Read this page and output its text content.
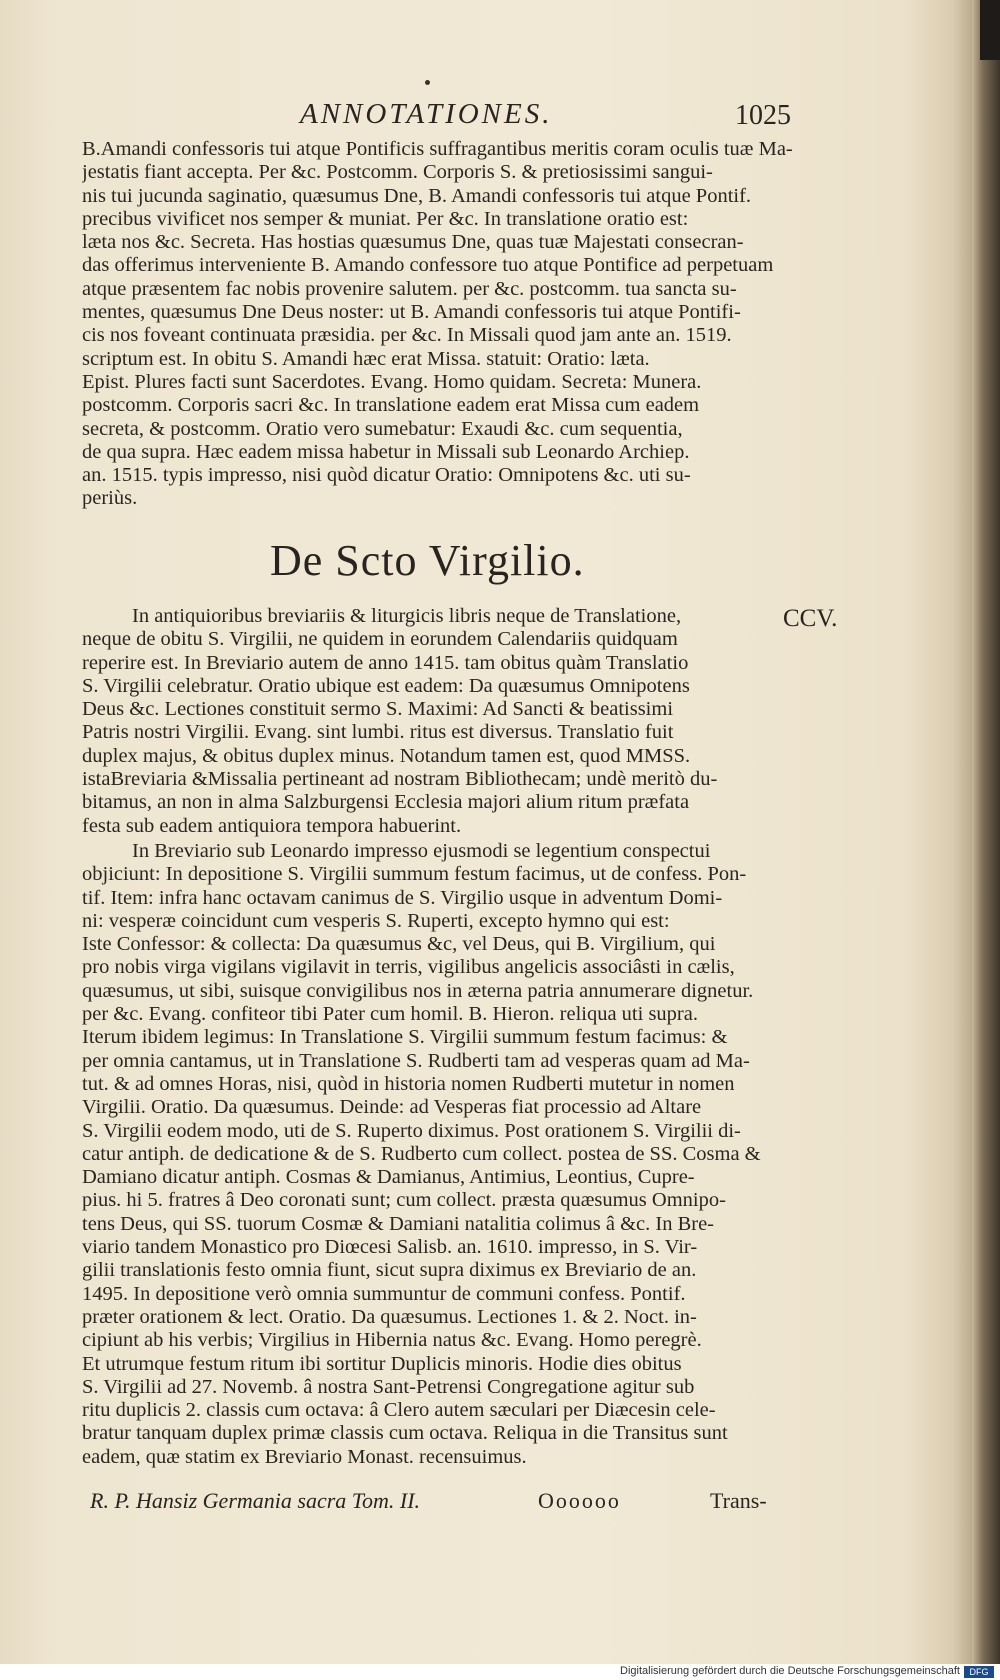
ANNOTATIONES.	1025
B.Amandi confessoris tui atque Pontificis suffragantibus meritis coram oculis tuæ Ma-
jestatis fiant accepta. Per &c. Postcomm. Corporis S. & pretiosissimi sangui-
nis tui jucunda saginatio, quæsumus Dne, B. Amandi confessoris tui atque Pontif.
precibus vivificet nos semper & muniat. Per &c. In translatione oratio est:
læta nos &c. Secreta. Has hostias quæsumus Dne, quas tuæ Majestati consecran-
das offerimus interveniente B. Amando confessore tuo atque Pontifice ad perpetuam
atque præsentem fac nobis provenire salutem. per &c. postcomm. tua sancta su-
mentes, quæsumus Dne Deus noster: ut B. Amandi confessoris tui atque Pontifi-
cis nos foveant continuata præsidia. per &c. In Missali quod jam ante an. 1519.
scriptum est. In obitu S. Amandi hæc erat Missa. statuit: Oratio: læta.
Epist. Plures facti sunt Sacerdotes. Evang. Homo quidam. Secreta: Munera.
postcomm. Corporis sacri &c. In translatione eadem erat Missa cum eadem
secreta, & postcomm. Oratio vero sumebatur: Exaudi &c. cum sequentia,
de qua supra. Hæc eadem missa habetur in Missali sub Leonardo Archiep.
an. 1515. typis impresso, nisi quòd dicatur Oratio: Omnipotens &c. uti su-
periùs.
De Scto Virgilio.
CCV.
In antiquioribus breviariis & liturgicis libris neque de Translatione,
neque de obitu S. Virgilii, ne quidem in eorundem Calendariis quidquam
reperire est. In Breviario autem de anno 1415. tam obitus quàm Translatio
S. Virgilii celebratur. Oratio ubique est eadem: Da quæsumus Omnipotens
Deus &c. Lectiones constituit sermo S. Maximi: Ad Sancti & beatissimi
Patris nostri Virgilii. Evang. sint lumbi. ritus est diversus. Translatio fuit
duplex majus, & obitus duplex minus. Notandum tamen est, quod MMSS.
istaBreviaria &Missalia pertineant ad nostram Bibliothecam; undè meritò du-
bitamus, an non in alma Salzburgensi Ecclesia majori alium ritum præfata
festa sub eadem antiquiora tempora habuerint.
In Breviario sub Leonardo impresso ejusmodi se legentium conspectui
objiciunt: In depositione S. Virgilii summum festum facimus, ut de confess. Pon-
tif. Item: infra hanc octavam canimus de S. Virgilio usque in adventum Domi-
ni: vesperæ coincidunt cum vesperis S. Ruperti, excepto hymno qui est:
Iste Confessor: & collecta: Da quæsumus &c, vel Deus, qui B. Virgilium, qui
pro nobis virga vigilans vigilavit in terris, vigilibus angelicis associâsti in cælis,
quæsumus, ut sibi, suisque convigilibus nos in æterna patria annumerare dignetur.
per &c. Evang. confiteor tibi Pater cum homil. B. Hieron. reliqua uti supra.
Iterum ibidem legimus: In Translatione S. Virgilii summum festum facimus: &
per omnia cantamus, ut in Translatione S. Rudberti tam ad vesperas quam ad Ma-
tut. & ad omnes Horas, nisi, quòd in historia nomen Rudberti mutetur in nomen
Virgilii. Oratio. Da quæsumus. Deinde: ad Vesperas fiat processio ad Altare
S. Virgilii eodem modo, uti de S. Ruperto diximus. Post orationem S. Virgilii di-
catur antiph. de dedicatione & de S. Rudberto cum collect. postea de SS. Cosma &
Damiano dicatur antiph. Cosmas & Damianus, Antimius, Leontius, Cupre-
pius. hi 5. fratres â Deo coronati sunt; cum collect. præsta quæsumus Omnipo-
tens Deus, qui SS. tuorum Cosmæ & Damiani natalitia colimus â &c. In Bre-
viario tandem Monastico pro Diœcesi Salisb. an. 1610. impresso, in S. Vir-
gilii translationis festo omnia fiunt, sicut supra diximus ex Breviario de an.
1495. In depositione verò omnia summuntur de communi confess. Pontif.
præter orationem & lect. Oratio. Da quæsumus. Lectiones 1. & 2. Noct. in-
cipiunt ab his verbis; Virgilius in Hibernia natus &c. Evang. Homo peregrè.
Et utrumque festum ritum ibi sortitur Duplicis minoris. Hodie dies obitus
S. Virgilii ad 27. Novemb. â nostra Sant-Petrensi Congregatione agitur sub
ritu duplicis 2. classis cum octava: â Clero autem sæculari per Diæcesin cele-
bratur tanquam duplex primæ classis cum octava. Reliqua in die Transitus sunt
eadem, quæ statim ex Breviario Monast. recensuimus.
R. P. Hansiz Germania sacra Tom. II.	Oooooo	Trans-
Digitalisierung gefördert durch die Deutsche Forschungsgemeinschaft	DFG
